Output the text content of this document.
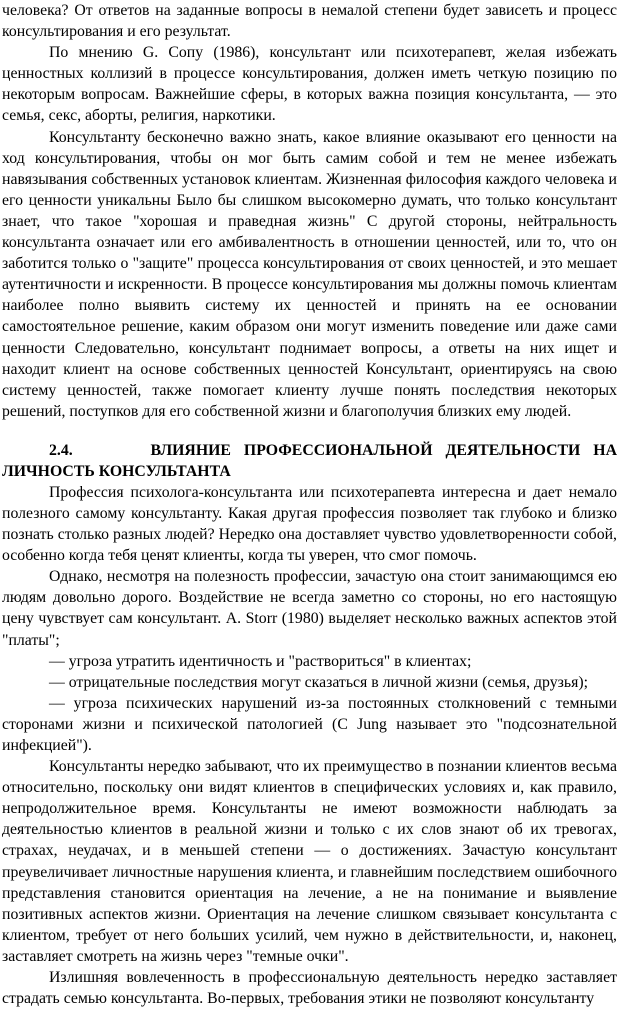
человека? От ответов на заданные вопросы в немалой степени будет зависеть и процесс консультирования и его результат.

По мнению G. Сопу (1986), консультант или психотерапевт, желая избежать ценностных коллизий в процессе консультирования, должен иметь четкую позицию по некоторым вопросам. Важнейшие сферы, в которых важна позиция консультанта, — это семья, секс, аборты, религия, наркотики.

Консультанту бесконечно важно знать, какое влияние оказывают его ценности на ход консультирования, чтобы он мог быть самим собой и тем не менее избежать навязывания собственных установок клиентам. Жизненная философия каждого человека и его ценности уникальны Было бы слишком высокомерно думать, что только консультант знает, что такое "хорошая и праведная жизнь" С другой стороны, нейтральность консультанта означает или его амбивалентность в отношении ценностей, или то, что он заботится только о "защите" процесса консультирования от своих ценностей, и это мешает аутентичности и искренности. В процессе консультирования мы должны помочь клиентам наиболее полно выявить систему их ценностей и принять на ее основании самостоятельное решение, каким образом они могут изменить поведение или даже сами ценности Следовательно, консультант поднимает вопросы, а ответы на них ищет и находит клиент на основе собственных ценностей Консультант, ориентируясь на свою систему ценностей, также помогает клиенту лучше понять последствия некоторых решений, поступков для его собственной жизни и благополучия близких ему людей.

2.4.	ВЛИЯНИЕ ПРОФЕССИОНАЛЬНОЙ ДЕЯТЕЛЬНОСТИ НА ЛИЧНОСТЬ КОНСУЛЬТАНТА

Профессия психолога-консультанта или психотерапевта интересна и дает немало полезного самому консультанту. Какая другая профессия позволяет так глубоко и близко познать столько разных людей? Нередко она доставляет чувство удовлетворенности собой, особенно когда тебя ценят клиенты, когда ты уверен, что смог помочь.

Однако, несмотря на полезность профессии, зачастую она стоит занимающимся ею людям довольно дорого. Воздействие не всегда заметно со стороны, но его настоящую цену чувствует сам консультант. A. Storr (1980) выделяет несколько важных аспектов этой "платы";

— угроза утратить идентичность и "раствориться" в клиентах;

— отрицательные последствия могут сказаться в личной жизни (семья, друзья);

— угроза психических нарушений из-за постоянных столкновений с темными сторонами жизни и психической патологией (С Jung называет это "подсознательной инфекцией").

Консультанты нередко забывают, что их преимущество в познании клиентов весьма относительно, поскольку они видят клиентов в специфических условиях и, как правило, непродолжительное время. Консультанты не имеют возможности наблюдать за деятельностью клиентов в реальной жизни и только с их слов знают об их тревогах, страхах, неудачах, и в меньшей степени — о достижениях. Зачастую консультант преувеличивает личностные нарушения клиента, и главнейшим последствием ошибочного представления становится ориентация на лечение, а не на понимание и выявление позитивных аспектов жизни. Ориентация на лечение слишком связывает консультанта с клиентом, требует от него больших усилий, чем нужно в действительности, и, наконец, заставляет смотреть на жизнь через "темные очки".

Излишняя вовлеченность в профессиональную деятельность нередко заставляет страдать семью консультанта. Во-первых, требования этики не позволяют консультанту
